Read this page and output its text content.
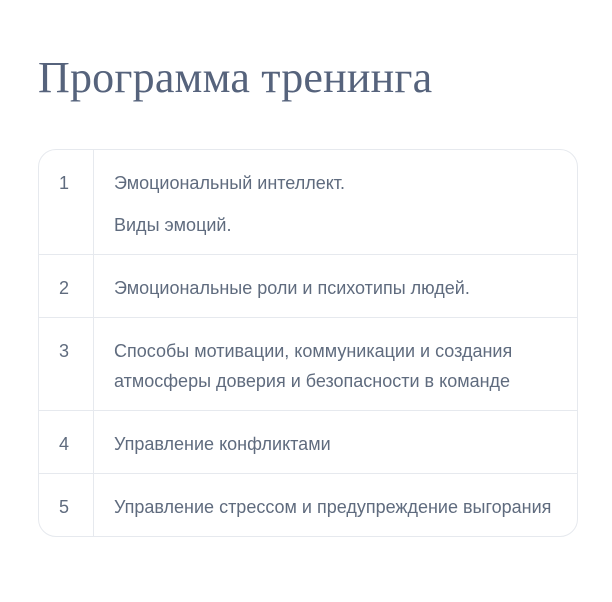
Программа тренинга
1	Эмоциональный интеллект.

Виды эмоций.

2	Эмоциональные роли и психотипы людей.

3	Способы мотивации, коммуникации и создания атмосферы доверия и безопасности в команде

4	Управление конфликтами

5	Управление стрессом и предупреждение выгорания
